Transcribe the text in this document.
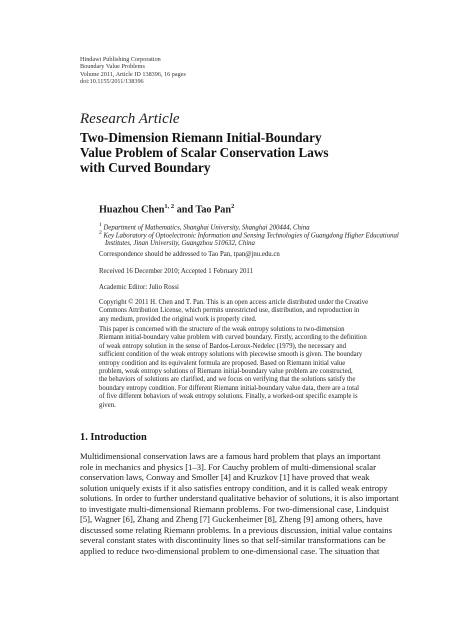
Hindawi Publishing Corporation
Boundary Value Problems
Volume 2011, Article ID 138396, 16 pages
doi:10.1155/2011/138396
Research Article
Two-Dimension Riemann Initial-Boundary
Value Problem of Scalar Conservation Laws
with Curved Boundary
Huazhou Chen$^{1, 2}$ and Tao Pan$^2$
$^1$ Department of Mathematics, Shanghai University, Shanghai 200444, China
$^2$ Key Laboratory of Optoelectronic Information and Sensing Technologies of Guangdong Higher Educational
Institutes, Jinan University, Guangzhou 510632, China
Correspondence should be addressed to Tao Pan, tpan@jnu.edu.cn
Received 16 December 2010; Accepted 1 February 2011
Academic Editor: Julio Rossi
Copyright © 2011 H. Chen and T. Pan. This is an open access article distributed under the Creative
Commons Attribution License, which permits unrestricted use, distribution, and reproduction in
any medium, provided the original work is properly cited.
This paper is concerned with the structure of the weak entropy solutions to two-dimension
Riemann initial-boundary value problem with curved boundary. Firstly, according to the definition
of weak entropy solution in the sense of Bardos-Leroux-Nedelec (1979), the necessary and
sufficient condition of the weak entropy solutions with piecewise smooth is given. The boundary
entropy condition and its equivalent formula are proposed. Based on Riemann initial value
problem, weak entropy solutions of Riemann initial-boundary value problem are constructed,
the behaviors of solutions are clarified, and we focus on verifying that the solutions satisfy the
boundary entropy condition. For different Riemann initial-boundary value data, there are a total
of five different behaviors of weak entropy solutions. Finally, a worked-out specific example is
given.
1. Introduction
Multidimensional conservation laws are a famous hard problem that plays an important
role in mechanics and physics [1–3]. For Cauchy problem of multi-dimensional scalar
conservation laws, Conway and Smoller [4] and Kruzkov [1] have proved that weak
solution uniquely exists if it also satisfies entropy condition, and it is called weak entropy
solutions. In order to further understand qualitative behavior of solutions, it is also important
to investigate multi-dimensional Riemann problems. For two-dimensional case, Lindquist
[5], Wagner [6], Zhang and Zheng [7] Guckenheimer [8], Zheng [9] among others, have
discussed some relating Riemann problems. In a previous discussion, initial value contains
several constant states with discontinuity lines so that self-similar transformations can be
applied to reduce two-dimensional problem to one-dimensional case. The situation that
